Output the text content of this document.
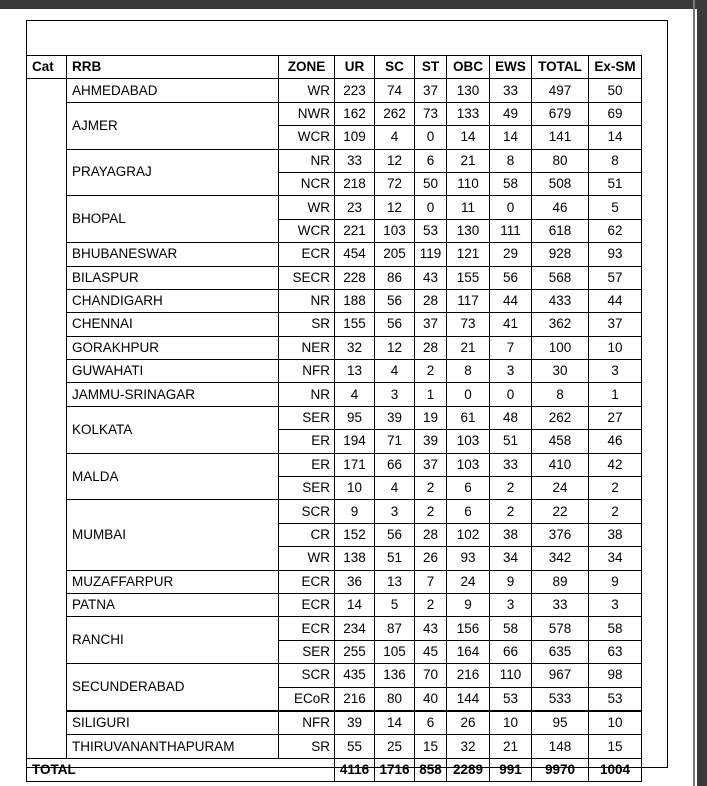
Cat	RRB	ZONE	UR	SC	ST	OBC	EWS	TOTAL	Ex-SM
	AHMEDABAD	WR	223	74	37	130	33	497	50
	AJMER	NWR	162	262	73	133	49	679	69
		WCR	109	4	0	14	14	141	14
	PRAYAGRAJ	NR	33	12	6	21	8	80	8
		NCR	218	72	50	110	58	508	51
	BHOPAL	WR	23	12	0	11	0	46	5
		WCR	221	103	53	130	111	618	62
	BHUBANESWAR	ECR	454	205	119	121	29	928	93
	BILASPUR	SECR	228	86	43	155	56	568	57
	CHANDIGARH	NR	188	56	28	117	44	433	44
	CHENNAI	SR	155	56	37	73	41	362	37
	GORAKHPUR	NER	32	12	28	21	7	100	10
	GUWAHATI	NFR	13	4	2	8	3	30	3
	JAMMU-SRINAGAR	NR	4	3	1	0	0	8	1
	KOLKATA	SER	95	39	19	61	48	262	27
		ER	194	71	39	103	51	458	46
	MALDA	ER	171	66	37	103	33	410	42
		SER	10	4	2	6	2	24	2
	MUMBAI	SCR	9	3	2	6	2	22	2
		CR	152	56	28	102	38	376	38
		WR	138	51	26	93	34	342	34
	MUZAFFARPUR	ECR	36	13	7	24	9	89	9
	PATNA	ECR	14	5	2	9	3	33	3
	RANCHI	ECR	234	87	43	156	58	578	58
		SER	255	105	45	164	66	635	63
	SECUNDERABAD	SCR	435	136	70	216	110	967	98
		ECoR	216	80	40	144	53	533	53
	SILIGURI	NFR	39	14	6	26	10	95	10
	THIRUVANANTHAPURAM	SR	55	25	15	32	21	148	15
TOTAL			4116	1716	858	2289	991	9970	1004
